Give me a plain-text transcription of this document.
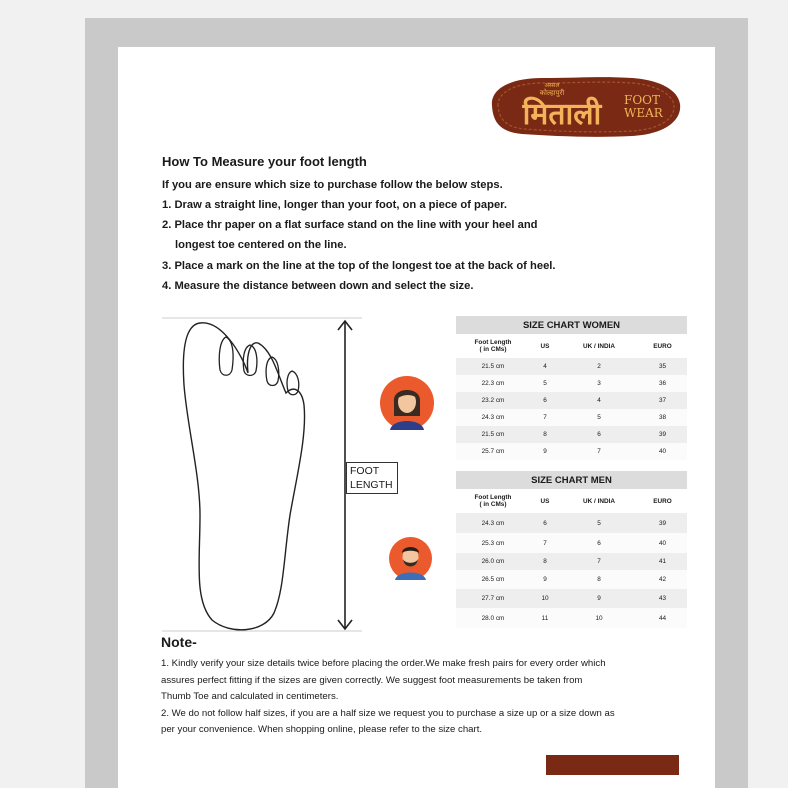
अस्सल
कोल्हापुरी
मिताली FOOT
WEAR
How To Measure your foot length
If you are ensure which size to purchase follow the below steps.
1. Draw a straight line, longer than your foot, on a piece of paper.
2. Place thr paper on a flat surface stand on the line with your heel and
longest toe centered on the line.
3. Place a mark on the line at the top of the longest toe at the back of heel.
4. Measure the distance between down and select the size.
FOOT
LENGTH
SIZE CHART WOMEN			
Foot Length
( in CMs)	US	UK / INDIA	EURO
21.5 cm	4	2	35
22.3 cm	5	3	36
23.2 cm	6	4	37
24.3 cm	7	5	38
21.5 cm	8	6	39
25.7 cm	9	7	40
SIZE CHART MEN			
Foot Length
( in CMs)	US	UK / INDIA	EURO
24.3 cm	6	5	39
25.3 cm	7	6	40
26.0 cm	8	7	41
26.5 cm	9	8	42
27.7 cm	10	9	43
28.0 cm	11	10	44
Note-
1. Kindly verify your size details twice before placing the order.We make fresh pairs for every order which
assures perfect fitting if the sizes are given correctly. We suggest foot measurements be taken from
Thumb Toe and calculated in centimeters.
2. We do not follow half sizes, if you are a half size we request you to purchase a size up or a size down as
per your convenience. When shopping online, please refer to the size chart.
